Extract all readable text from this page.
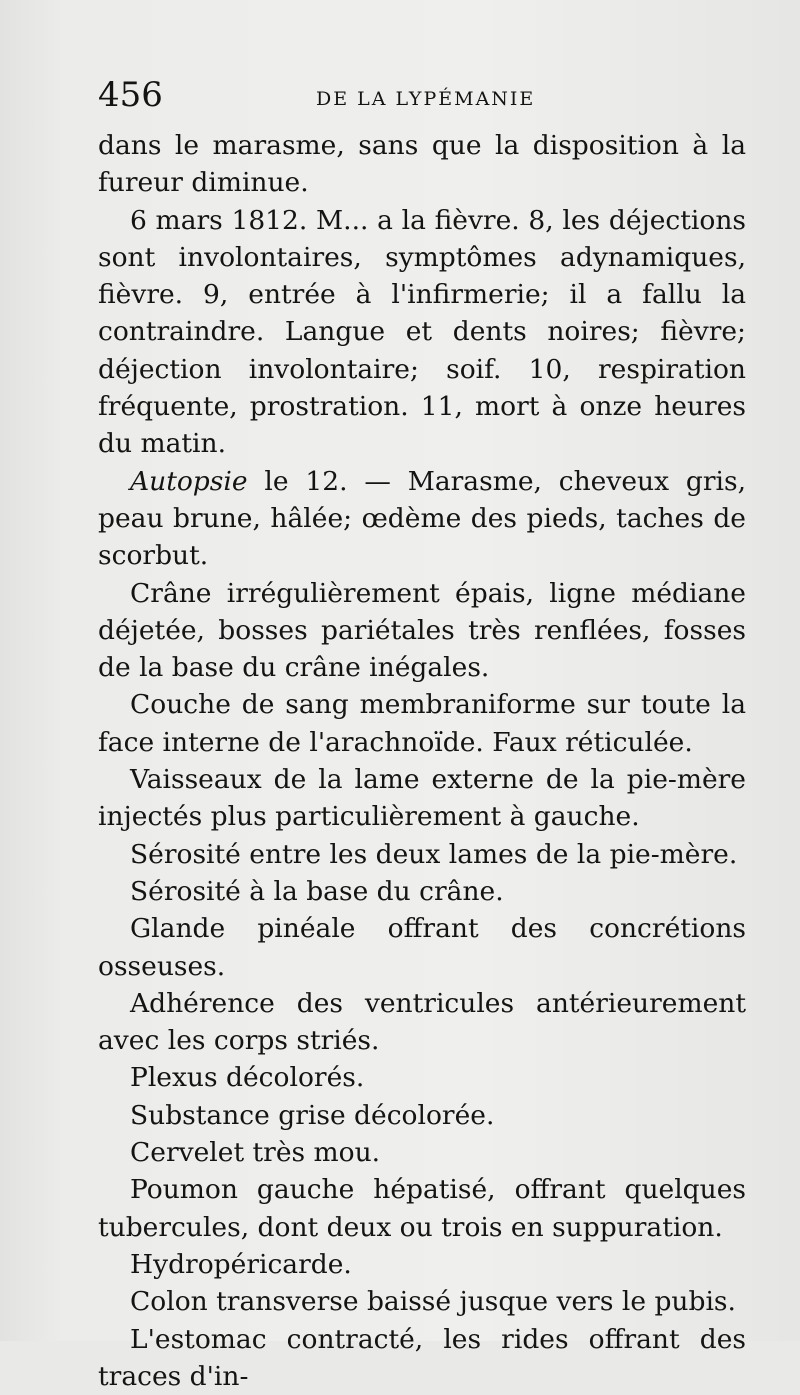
456	DE LA LYPÉMANIE

dans le marasme, sans que la disposition à la fureur diminue.

6 mars 1812. M... a la fièvre. 8, les déjections sont involontaires, symptômes adynamiques, fièvre. 9, entrée à l'infirmerie; il a fallu la contraindre. Langue et dents noires; fièvre; déjection involontaire; soif. 10, respiration fréquente, prostration. 11, mort à onze heures du matin.

Autopsie le 12. — Marasme, cheveux gris, peau brune, hâlée; œdème des pieds, taches de scorbut.

Crâne irrégulièrement épais, ligne médiane déjetée, bosses pariétales très renflées, fosses de la base du crâne inégales.

Couche de sang membraniforme sur toute la face interne de l'arachnoïde. Faux réticulée.

Vaisseaux de la lame externe de la pie-mère injectés plus particulièrement à gauche.

Sérosité entre les deux lames de la pie-mère.

Sérosité à la base du crâne.

Glande pinéale offrant des concrétions osseuses.

Adhérence des ventricules antérieurement avec les corps striés.

Plexus décolorés.

Substance grise décolorée.

Cervelet très mou.

Poumon gauche hépatisé, offrant quelques tubercules, dont deux ou trois en suppuration.

Hydropéricarde.

Colon transverse baissé jusque vers le pubis.

L'estomac contracté, les rides offrant des traces d'in-
